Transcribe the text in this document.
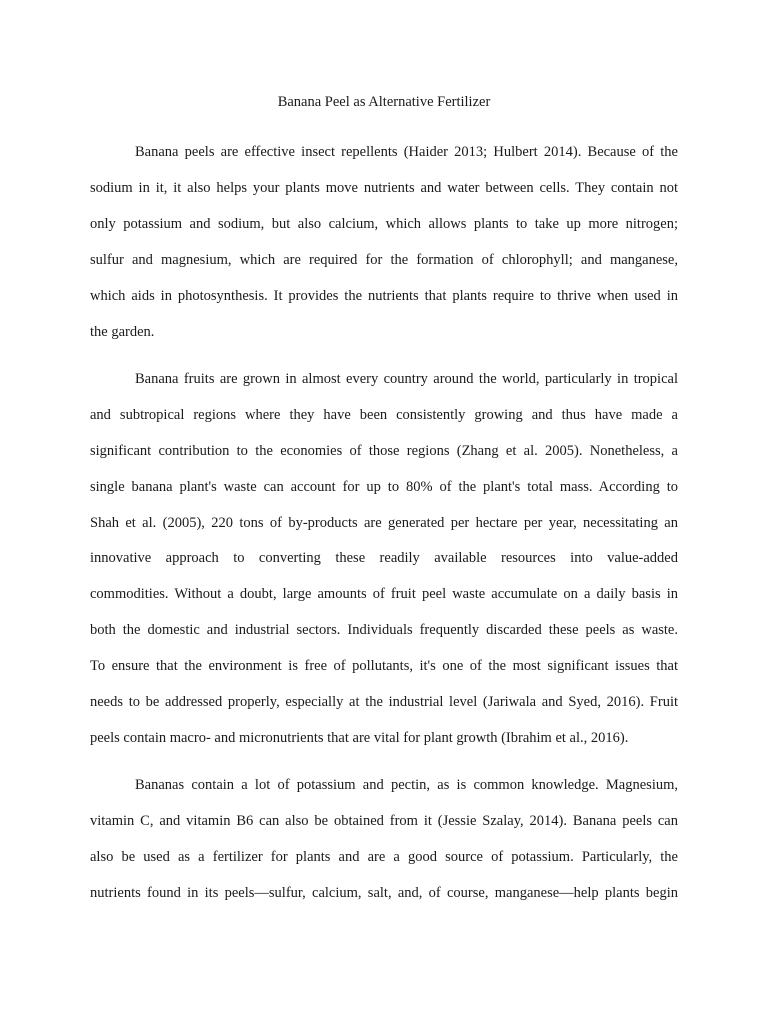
Banana Peel as Alternative Fertilizer

Banana peels are effective insect repellents (Haider 2013; Hulbert 2014). Because of the

sodium in it, it also helps your plants move nutrients and water between cells. They contain not

only potassium and sodium, but also calcium, which allows plants to take up more nitrogen;

sulfur and magnesium, which are required for the formation of chlorophyll; and manganese,

which aids in photosynthesis. It provides the nutrients that plants require to thrive when used in

the garden.

Banana fruits are grown in almost every country around the world, particularly in tropical

and subtropical regions where they have been consistently growing and thus have made a

significant contribution to the economies of those regions (Zhang et al. 2005). Nonetheless, a

single banana plant's waste can account for up to 80% of the plant's total mass. According to

Shah et al. (2005), 220 tons of by-products are generated per hectare per year, necessitating an

innovative approach to converting these readily available resources into value-added

commodities. Without a doubt, large amounts of fruit peel waste accumulate on a daily basis in

both the domestic and industrial sectors. Individuals frequently discarded these peels as waste.

To ensure that the environment is free of pollutants, it's one of the most significant issues that

needs to be addressed properly, especially at the industrial level (Jariwala and Syed, 2016). Fruit

peels contain macro- and micronutrients that are vital for plant growth (Ibrahim et al., 2016).

Bananas contain a lot of potassium and pectin, as is common knowledge. Magnesium,

vitamin C, and vitamin B6 can also be obtained from it (Jessie Szalay, 2014). Banana peels can

also be used as a fertilizer for plants and are a good source of potassium. Particularly, the

nutrients found in its peels—sulfur, calcium, salt, and, of course, manganese—help plants begin
